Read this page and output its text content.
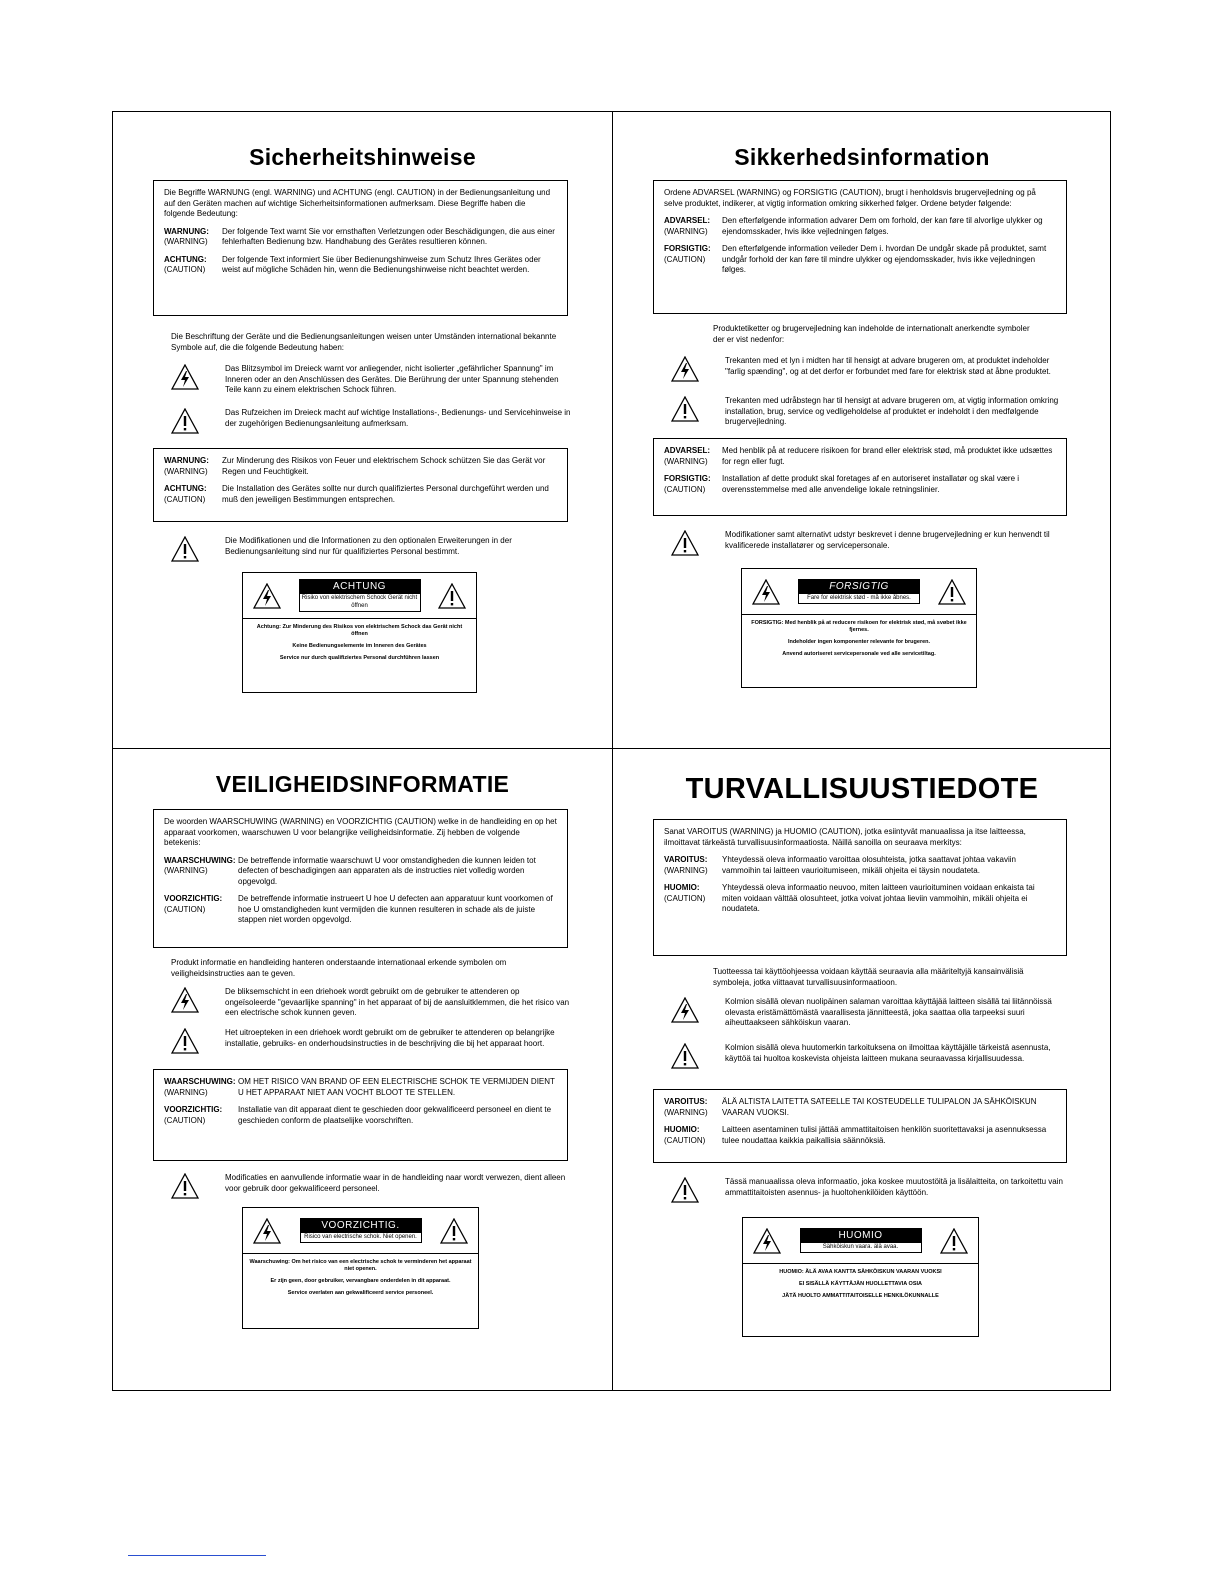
Sicherheitshinweise

Die Begriffe WARNUNG (engl. WARNING) und ACHTUNG (engl. CAUTION) in der Bedienungsanleitung und auf den Geräten machen auf wichtige Sicherheitsinformationen aufmerksam. Diese Begriffe haben die folgende Bedeutung:

WARNUNG:
(WARNING)
Der folgende Text warnt Sie vor ernsthaften Verletzungen oder Beschädigungen, die aus einer fehlerhaften Bedienung bzw. Handhabung des Gerätes resultieren können.
ACHTUNG:
(CAUTION)
Der folgende Text informiert Sie über Bedienungshinweise zum Schutz Ihres Gerätes oder weist auf mögliche Schäden hin, wenn die Bedienungshinweise nicht beachtet werden.
Die Beschriftung der Geräte und die Bedienungsanleitungen weisen unter Umständen international bekannte Symbole auf, die die folgende Bedeutung haben:
Das Blitzsymbol im Dreieck warnt vor anliegender, nicht isolierter „gefährlicher Spannung" im Inneren oder an den Anschlüssen des Gerätes. Die Berührung der unter Spannung stehenden Teile kann zu einem elektrischen Schock führen.
Das Rufzeichen im Dreieck macht auf wichtige Installations-, Bedienungs- und Servicehinweise in der zugehörigen Bedienungsanleitung aufmerksam.
WARNUNG:
(WARNING)
Zur Minderung des Risikos von Feuer und elektrischem Schock schützen Sie das Gerät vor Regen und Feuchtigkeit.
ACHTUNG:
(CAUTION)
Die Installation des Gerätes sollte nur durch qualifiziertes Personal durchgeführt werden und muß den jeweiligen Bestimmungen entsprechen.
Die Modifikationen und die Informationen zu den optionalen Erweiterungen in der Bedienungsanleitung sind nur für qualifiziertes Personal bestimmt.
ACHTUNG
Risiko von elektrischem Schock Gerät nicht öffnen

Achtung: Zur Minderung des Risikos von elektrischem Schock das Gerät nicht öffnen

Keine Bedienungselemente im Inneren des Gerätes

Service nur durch qualifiziertes Personal durchführen lassen

Sikkerhedsinformation

Ordene ADVARSEL (WARNING) og FORSIGTIG (CAUTION), brugt i henholdsvis brugervejledning og på selve produktet, indikerer, at vigtig information omkring sikkerhed følger. Ordene betyder følgende:

ADVARSEL:
(WARNING)
Den efterfølgende information advarer Dem om forhold, der kan føre til alvorlige ulykker og ejendomsskader, hvis ikke vejledningen følges.
FORSIGTIG:
(CAUTION)
Den efterfølgende information veileder Dem i. hvordan De undgår skade på produktet, samt undgår forhold der kan føre til mindre ulykker og ejendomsskader, hvis ikke vejledningen følges.
Produktetiketter og brugervejledning kan indeholde de internationalt anerkendte symboler der er vist nedenfor:
Trekanten med et lyn i midten har til hensigt at advare brugeren om, at produktet indeholder "farlig spænding", og at det derfor er forbundet med fare for elektrisk stød at åbne produktet.
Trekanten med udråbstegn har til hensigt at advare brugeren om, at vigtig information omkring installation, brug, service og vedligeholdelse af produktet er indeholdt i den medfølgende brugervejledning.
ADVARSEL:
(WARNING)
Med henblik på at reducere risikoen for brand eller elektrisk stød, må produktet ikke udsættes for regn eller fugt.
FORSIGTIG:
(CAUTION)
Installation af dette produkt skal foretages af en autoriseret installatør og skal være i overensstemmelse med alle anvendelige lokale retningslinier.
Modifikationer samt alternativt udstyr beskrevet i denne brugervejledning er kun henvendt til kvalificerede installatører og servicepersonale.
FORSIGTIG
Fare for elektrisk stød - må ikke åbnes.

FORSIGTIG: Med henblik på at reducere risikoen for elektrisk stød, må svøbet ikke fjernes.

Indeholder ingen komponenter relevante for brugeren.

Anvend autoriseret servicepersonale ved alle servicetiltag.

VEILIGHEIDSINFORMATIE

De woorden WAARSCHUWING (WARNING) en VOORZICHTIG (CAUTION) welke in de handleiding en op het apparaat voorkomen, waarschuwen U voor belangrijke veiligheidsinformatie. Zij hebben de volgende betekenis:

WAARSCHUWING:
(WARNING)
De betreffende informatie waarschuwt U voor omstandigheden die kunnen leiden tot defecten of beschadigingen aan apparaten als de instructies niet volledig worden opgevolgd.
VOORZICHTIG:
(CAUTION)
De betreffende informatie instrueert U hoe U defecten aan apparatuur kunt voorkomen of hoe U omstandigheden kunt vermijden die kunnen resulteren in schade als de juiste stappen niet worden opgevolgd.
Produkt informatie en handleiding hanteren onderstaande internationaal erkende symbolen om veiligheidsinstructies aan te geven.
De bliksemschicht in een driehoek wordt gebruikt om de gebruiker te attenderen op ongeïsoleerde "gevaarlijke spanning" in het apparaat of bij de aansluitklemmen, die het risico van een electrische schok kunnen geven.
Het uitroepteken in een driehoek wordt gebruikt om de gebruiker te attenderen op belangrijke installatie, gebruiks- en onderhoudsinstructies in de beschrijving die bij het apparaat hoort.
WAARSCHUWING:
(WARNING)
OM HET RISICO VAN BRAND OF EEN ELECTRISCHE SCHOK TE VERMIJDEN DIENT U HET APPARAAT NIET AAN VOCHT BLOOT TE STELLEN.
VOORZICHTIG:
(CAUTION)
Installatie van dit apparaat dient te geschieden door gekwalificeerd personeel en dient te geschieden conform de plaatselijke voorschriften.
Modificaties en aanvullende informatie waar in de handleiding naar wordt verwezen, dient alleen voor gebruik door gekwalificeerd personeel.
VOORZICHTIG.
Risico van electrische schok. Niet openen.

Waarschuwing: Om het risico van een electrische schok te verminderen het apparaat niet openen.

Er zijn geen, door gebruiker, vervangbare onderdelen in dit apparaat.

Service overlaten aan gekwalificeerd service personeel.

TURVALLISUUSTIEDOTE

Sanat VAROITUS (WARNING) ja HUOMIO (CAUTION), jotka esiintyvät manuaalissa ja itse laitteessa, ilmoittavat tärkeästä turvallisuusinformaatiosta. Näillä sanoilla on seuraava merkitys:

VAROITUS:
(WARNING)
Yhteydessä oleva informaatio varoittaa olosuhteista, jotka saattavat johtaa vakaviin vammoihin tai laitteen vaurioitumiseen, mikäli ohjeita ei täysin noudateta.
HUOMIO:
(CAUTION)
Yhteydessä oleva informaatio neuvoo, miten laitteen vaurioituminen voidaan enkaista tai miten voidaan välttää olosuhteet, jotka voivat johtaa lieviin vammoihin, mikäli ohjeita ei noudateta.
Tuotteessa tai käyttöohjeessa voidaan käyttää seuraavia alla määriteltyjä kansainvälisiä symboleja, jotka viittaavat turvallisuusinformaatioon.
Kolmion sisällä olevan nuolipäinen salaman varoittaa käyttäjää laitteen sisällä tai liitännöissä olevasta eristämättömästä vaarallisesta jännitteestä, joka saattaa olla tarpeeksi suuri aiheuttaakseen sähköiskun vaaran.
Kolmion sisällä oleva huutomerkin tarkoituksena on ilmoittaa käyttäjälle tärkeistä asennusta, käyttöä tai huoltoa koskevista ohjeista laitteen mukana seuraavassa kirjallisuudessa.
VAROITUS:
(WARNING)
ÄLÄ ALTISTA LAITETTA SATEELLE TAI KOSTEUDELLE TULIPALON JA SÄHKÖISKUN VAARAN VUOKSI.
HUOMIO:
(CAUTION)
Laitteen asentaminen tulisi jättää ammattitaitoisen henkilön suoritettavaksi ja asennuksessa tulee noudattaa kaikkia paikallisia säännöksiä.
Tässä manuaalissa oleva informaatio, joka koskee muutostöitä ja lisälaitteita, on tarkoitettu vain ammattitaitoisten asennus- ja huoltohenkilöiden käyttöön.
HUOMIO
Sähköiskun vaara. älä avaa.

HUOMIO: ÄLÄ AVAA KANTTA SÄHKÖISKUN VAARAN VUOKSI

EI SISÄLLÄ KÄYTTÄJÄN HUOLLETTAVIA OSIA

JÄTÄ HUOLTO AMMATTITAITOISELLE HENKILÖKUNNALLE
